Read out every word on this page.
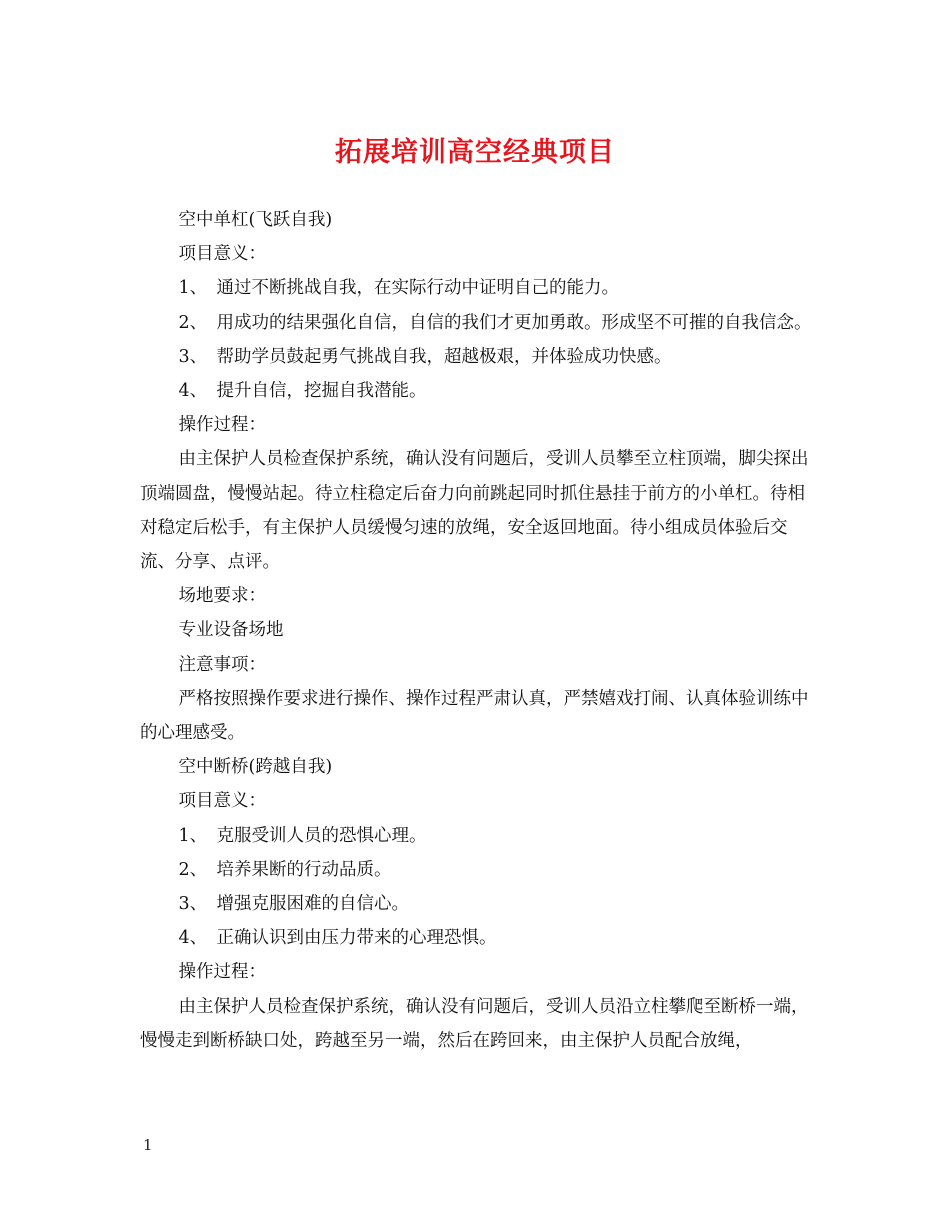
拓展培训高空经典项目

空中单杠(飞跃自我)

项目意义：

1、 通过不断挑战自我，在实际行动中证明自己的能力。

2、 用成功的结果强化自信，自信的我们才更加勇敢。形成坚不可摧的自我信念。

3、 帮助学员鼓起勇气挑战自我，超越极艰，并体验成功快感。

4、 提升自信，挖掘自我潜能。

操作过程：

由主保护人员检查保护系统，确认没有问题后，受训人员攀至立柱顶端，脚尖探出顶端圆盘，慢慢站起。待立柱稳定后奋力向前跳起同时抓住悬挂于前方的小单杠。待相对稳定后松手，有主保护人员缓慢匀速的放绳，安全返回地面。待小组成员体验后交流、分享、点评。

场地要求：

专业设备场地

注意事项：

严格按照操作要求进行操作、操作过程严肃认真，严禁嬉戏打闹、认真体验训练中的心理感受。

空中断桥(跨越自我)

项目意义：

1、 克服受训人员的恐惧心理。

2、 培养果断的行动品质。

3、 增强克服困难的自信心。

4、 正确认识到由压力带来的心理恐惧。

操作过程：

由主保护人员检查保护系统，确认没有问题后，受训人员沿立柱攀爬至断桥一端，慢慢走到断桥缺口处，跨越至另一端，然后在跨回来，由主保护人员配合放绳，

1
